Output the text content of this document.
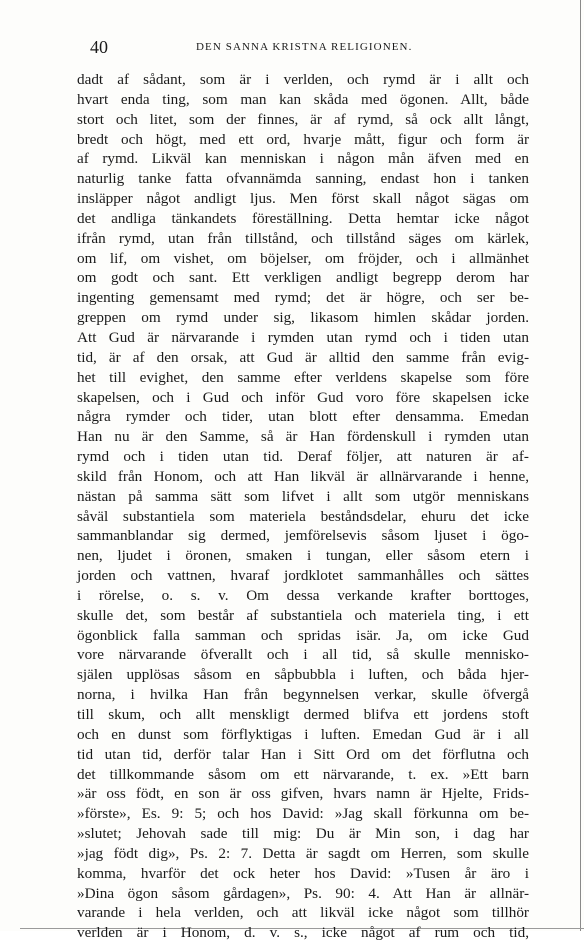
40	DEN SANNA KRISTNA RELIGIONEN.
dadt af sådant, som är i verlden, och rymd är i allt och
hvart enda ting, som man kan skåda med ögonen. Allt, både
stort och litet, som der finnes, är af rymd, så ock allt långt,
bredt och högt, med ett ord, hvarje mått, figur och form är
af rymd. Likväl kan menniskan i någon mån äfven med en
naturlig tanke fatta ofvannämda sanning, endast hon i tanken
insläpper något andligt ljus. Men först skall något sägas om
det andliga tänkandets föreställning. Detta hemtar icke något
ifrån rymd, utan från tillstånd, och tillstånd säges om kärlek,
om lif, om vishet, om böjelser, om fröjder, och i allmänhet
om godt och sant. Ett verkligen andligt begrepp derom har
ingenting gemensamt med rymd; det är högre, och ser be-
greppen om rymd under sig, likasom himlen skådar jorden.
Att Gud är närvarande i rymden utan rymd och i tiden utan
tid, är af den orsak, att Gud är alltid den samme från evig-
het till evighet, den samme efter verldens skapelse som före
skapelsen, och i Gud och inför Gud voro före skapelsen icke
några rymder och tider, utan blott efter densamma. Emedan
Han nu är den Samme, så är Han fördenskull i rymden utan
rymd och i tiden utan tid. Deraf följer, att naturen är af-
skild från Honom, och att Han likväl är allnärvarande i henne,
nästan på samma sätt som lifvet i allt som utgör menniskans
såväl substantiela som materiela beståndsdelar, ehuru det icke
sammanblandar sig dermed, jemförelsevis såsom ljuset i ögo-
nen, ljudet i öronen, smaken i tungan, eller såsom etern i
jorden och vattnen, hvaraf jordklotet sammanhålles och sättes
i rörelse, o. s. v. Om dessa verkande krafter borttoges,
skulle det, som består af substantiela och materiela ting, i ett
ögonblick falla samman och spridas isär. Ja, om icke Gud
vore närvarande öfverallt och i all tid, så skulle mennisko-
själen upplösas såsom en såpbubbla i luften, och båda hjer-
norna, i hvilka Han från begynnelsen verkar, skulle öfvergå
till skum, och allt menskligt dermed blifva ett jordens stoft
och en dunst som förflyktigas i luften. Emedan Gud är i all
tid utan tid, derför talar Han i Sitt Ord om det förflutna och
det tillkommande såsom om ett närvarande, t. ex. »Ett barn
»är oss födt, en son är oss gifven, hvars namn är Hjelte, Frids-
»förste», Es. 9: 5; och hos David: »Jag skall förkunna om be-
»slutet; Jehovah sade till mig: Du är Min son, i dag har
»jag födt dig», Ps. 2: 7. Detta är sagdt om Herren, som skulle
komma, hvarför det ock heter hos David: »Tusen år äro i
»Dina ögon såsom gårdagen», Ps. 90: 4. Att Han är allnär-
varande i hela verlden, och att likväl icke något som tillhör
verlden är i Honom, d. v. s., icke något af rum och tid,
